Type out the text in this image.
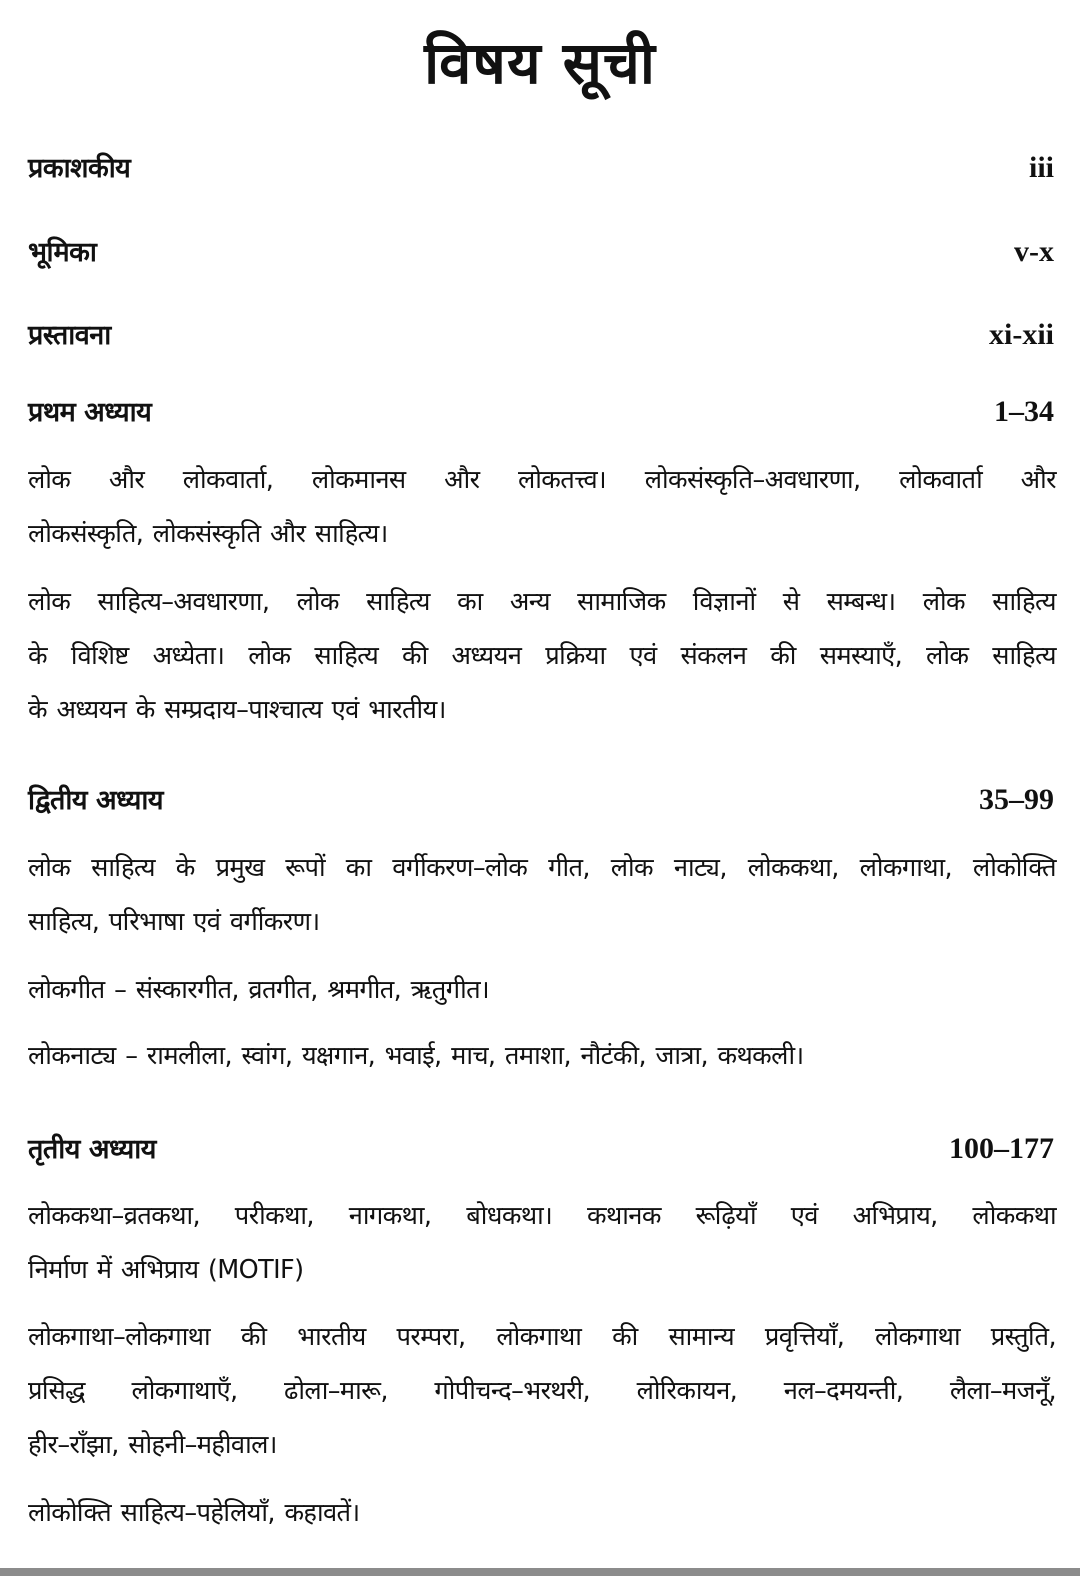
विषय सूची
प्रकाशकीय	iii
भूमिका	v-x
प्रस्तावना	xi-xii
प्रथम अध्याय	1–34
लोक और लोकवार्ता, लोकमानस और लोकतत्त्व। लोकसंस्कृति–अवधारणा, लोकवार्ता और
लोकसंस्कृति, लोकसंस्कृति और साहित्य।
लोक साहित्य–अवधारणा, लोक साहित्य का अन्य सामाजिक विज्ञानों से सम्बन्ध। लोक साहित्य
के विशिष्ट अध्येता। लोक साहित्य की अध्ययन प्रक्रिया एवं संकलन की समस्याएँ, लोक साहित्य
के अध्ययन के सम्प्रदाय–पाश्चात्य एवं भारतीय।
द्वितीय अध्याय	35–99
लोक साहित्य के प्रमुख रूपों का वर्गीकरण–लोक गीत, लोक नाट्य, लोककथा, लोकगाथा, लोकोक्ति
साहित्य, परिभाषा एवं वर्गीकरण।
लोकगीत – संस्कारगीत, व्रतगीत, श्रमगीत, ऋतुगीत।
लोकनाट्य – रामलीला, स्वांग, यक्षगान, भवाई, माच, तमाशा, नौटंकी, जात्रा, कथकली।
तृतीय अध्याय	100–177
लोककथा–व्रतकथा, परीकथा, नागकथा, बोधकथा। कथानक रूढ़ियाँ एवं अभिप्राय, लोककथा
निर्माण में अभिप्राय (MOTIF)
लोकगाथा–लोकगाथा की भारतीय परम्परा, लोकगाथा की सामान्य प्रवृत्तियाँ, लोकगाथा प्रस्तुति,
प्रसिद्ध लोकगाथाएँ, ढोला–मारू, गोपीचन्द–भरथरी, लोरिकायन, नल–दमयन्ती, लैला–मजनूँ,
हीर–राँझा, सोहनी–महीवाल।
लोकोक्ति साहित्य–पहेलियाँ, कहावतें।
